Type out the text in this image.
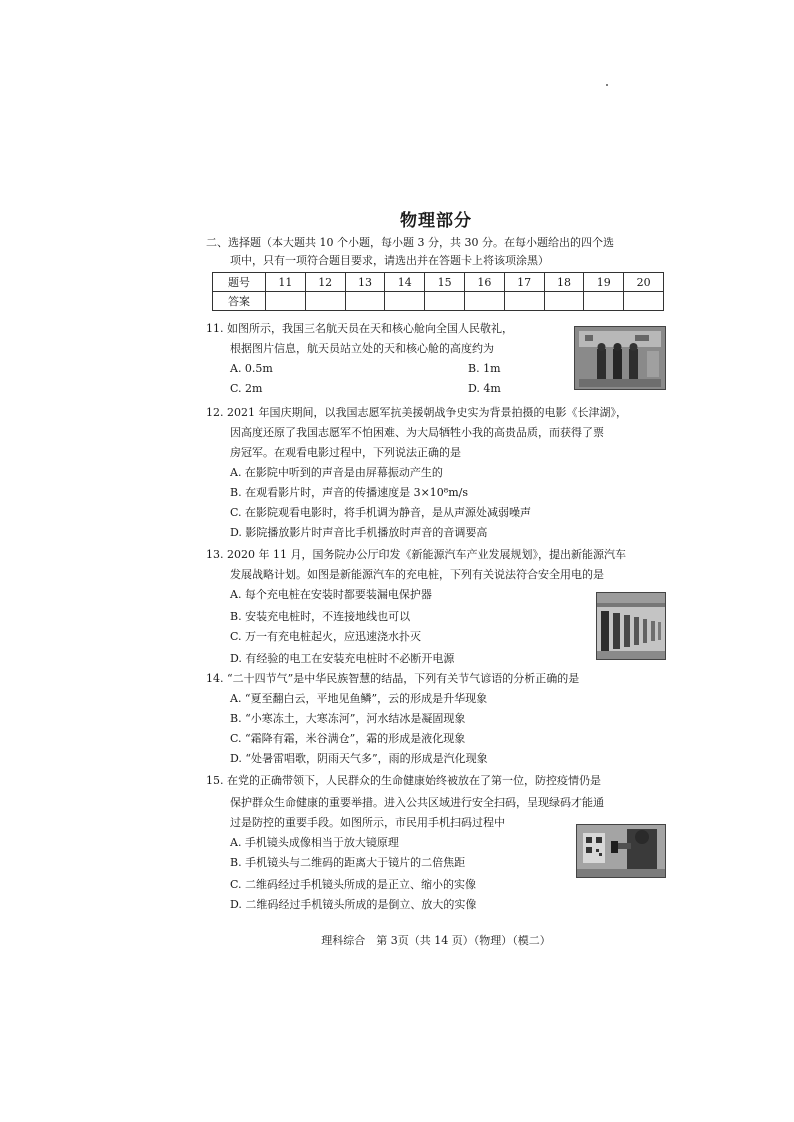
物理部分
二、选择题（本大题共 10 个小题，每小题 3 分，共 30 分。在每小题给出的四个选
项中，只有一项符合题目要求，请选出并在答题卡上将该项涂黑）
题号	11	12	13	14	15	16	17	18	19	20
答案										
11. 如图所示，我国三名航天员在天和核心舱向全国人民敬礼，
根据图片信息，航天员站立处的天和核心舱的高度约为
A. 0.5m	B. 1m
C. 2m	D. 4m
12. 2021 年国庆期间，以我国志愿军抗美援朝战争史实为背景拍摄的电影《长津湖》，
因高度还原了我国志愿军不怕困难、为大局牺牲小我的高贵品质，而获得了票
房冠军。在观看电影过程中，下列说法正确的是
A. 在影院中听到的声音是由屏幕振动产生的
B. 在观看影片时，声音的传播速度是 3×10⁸m/s
C. 在影院观看电影时，将手机调为静音，是从声源处减弱噪声
D. 影院播放影片时声音比手机播放时声音的音调要高
13. 2020 年 11 月，国务院办公厅印发《新能源汽车产业发展规划》，提出新能源汽车
发展战略计划。如图是新能源汽车的充电桩，下列有关说法符合安全用电的是
A. 每个充电桩在安装时都要装漏电保护器
B. 安装充电桩时，不连接地线也可以
C. 万一有充电桩起火，应迅速浇水扑灭
D. 有经验的电工在安装充电桩时不必断开电源
14. “二十四节气”是中华民族智慧的结晶，下列有关节气谚语的分析正确的是
A. “夏至翻白云，平地见鱼鳞”，云的形成是升华现象
B. “小寒冻土，大寒冻河”，河水结冰是凝固现象
C. “霜降有霜，米谷满仓”，霜的形成是液化现象
D. “处暑雷唱歌，阴雨天气多”，雨的形成是汽化现象
15. 在党的正确带领下，人民群众的生命健康始终被放在了第一位，防控疫情仍是
保护群众生命健康的重要举措。进入公共区域进行安全扫码，呈现绿码才能通
过是防控的重要手段。如图所示，市民用手机扫码过程中
A. 手机镜头成像相当于放大镜原理
B. 手机镜头与二维码的距离大于镜片的二倍焦距
C. 二维码经过手机镜头所成的是正立、缩小的实像
D. 二维码经过手机镜头所成的是倒立、放大的实像
理科综合　第 3页（共 14 页）（物理）（模二）
